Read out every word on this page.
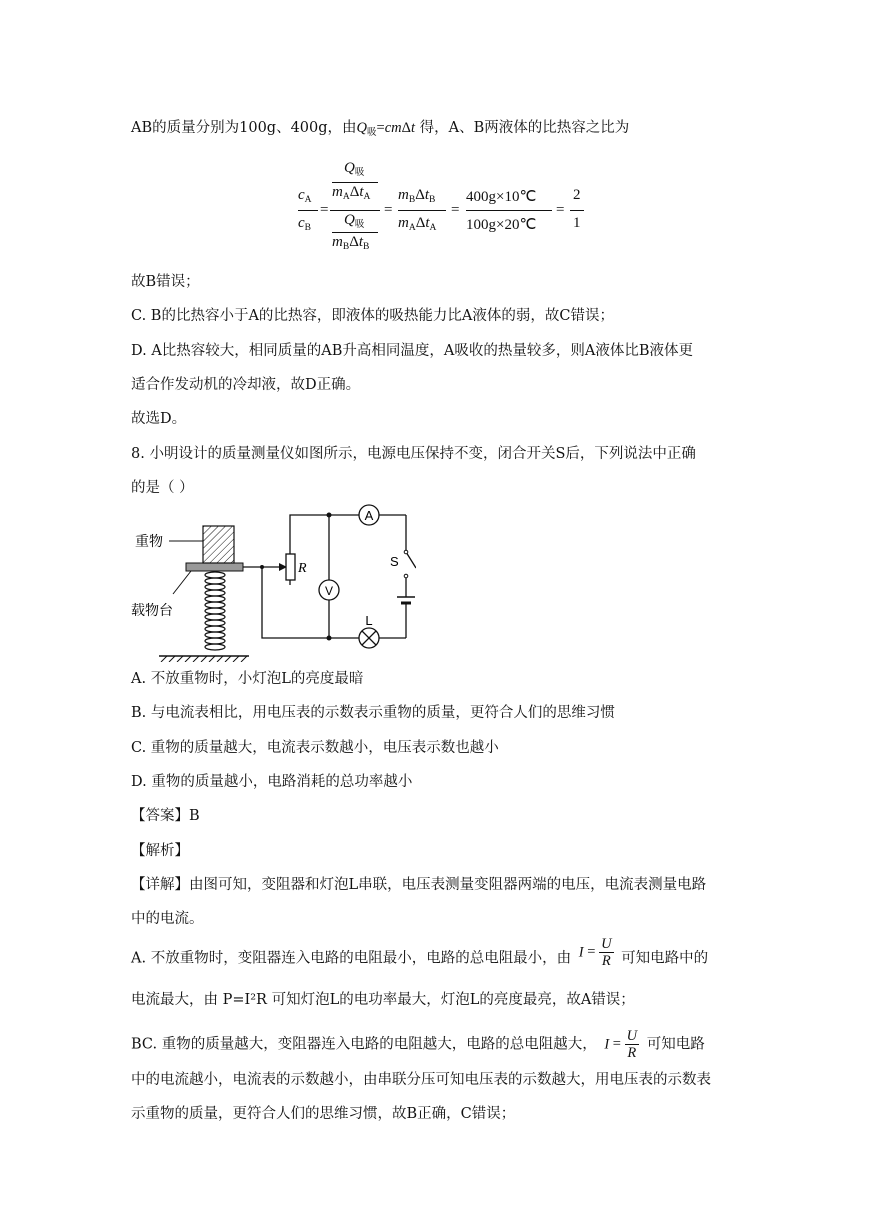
AB的质量分别为100g、400g，由$Q_吸=cm\Delta t$ 得，A、B两液体的比热容之比为
$c_A$
$c_B$
=
$Q_吸$
$m_A\Delta t_A$
$Q_吸$
$m_B\Delta t_B$
=
$m_B\Delta t_B$
$m_A\Delta t_A$
=
400g×10℃
100g×20℃
=
2
1
故B错误；
C. B的比热容小于A的比热容，即液体的吸热能力比A液体的弱，故C错误；
D. A比热容较大，相同质量的AB升高相同温度，A吸收的热量较多，则A液体比B液体更
适合作发动机的冷却液，故D正确。
故选D。
8. 小明设计的质量测量仪如图所示，电源电压保持不变，闭合开关S后，下列说法中正确
的是（ ）
重物
载物台
R
A
V
L
S
A. 不放重物时，小灯泡L的亮度最暗
B. 与电流表相比，用电压表的示数表示重物的质量，更符合人们的思维习惯
C. 重物的质量越大，电流表示数越小，电压表示数也越小
D. 重物的质量越小，电路消耗的总功率越小
【答案】B
【解析】
【详解】由图可知，变阻器和灯泡L串联，电压表测量变阻器两端的电压，电流表测量电路
中的电流。
A. 不放重物时，变阻器连入电路的电阻最小，电路的总电阻最小，由 $I = \frac{U}{R}$ 可知电路中的
电流最大，由 P=I²R 可知灯泡L的电功率最大，灯泡L的亮度最亮，故A错误；
BC. 重物的质量越大，变阻器连入电路的电阻越大，电路的总电阻越大， $I = \frac{U}{R}$ 可知电路
中的电流越小，电流表的示数越小，由串联分压可知电压表的示数越大，用电压表的示数表
示重物的质量，更符合人们的思维习惯，故B正确，C错误；
